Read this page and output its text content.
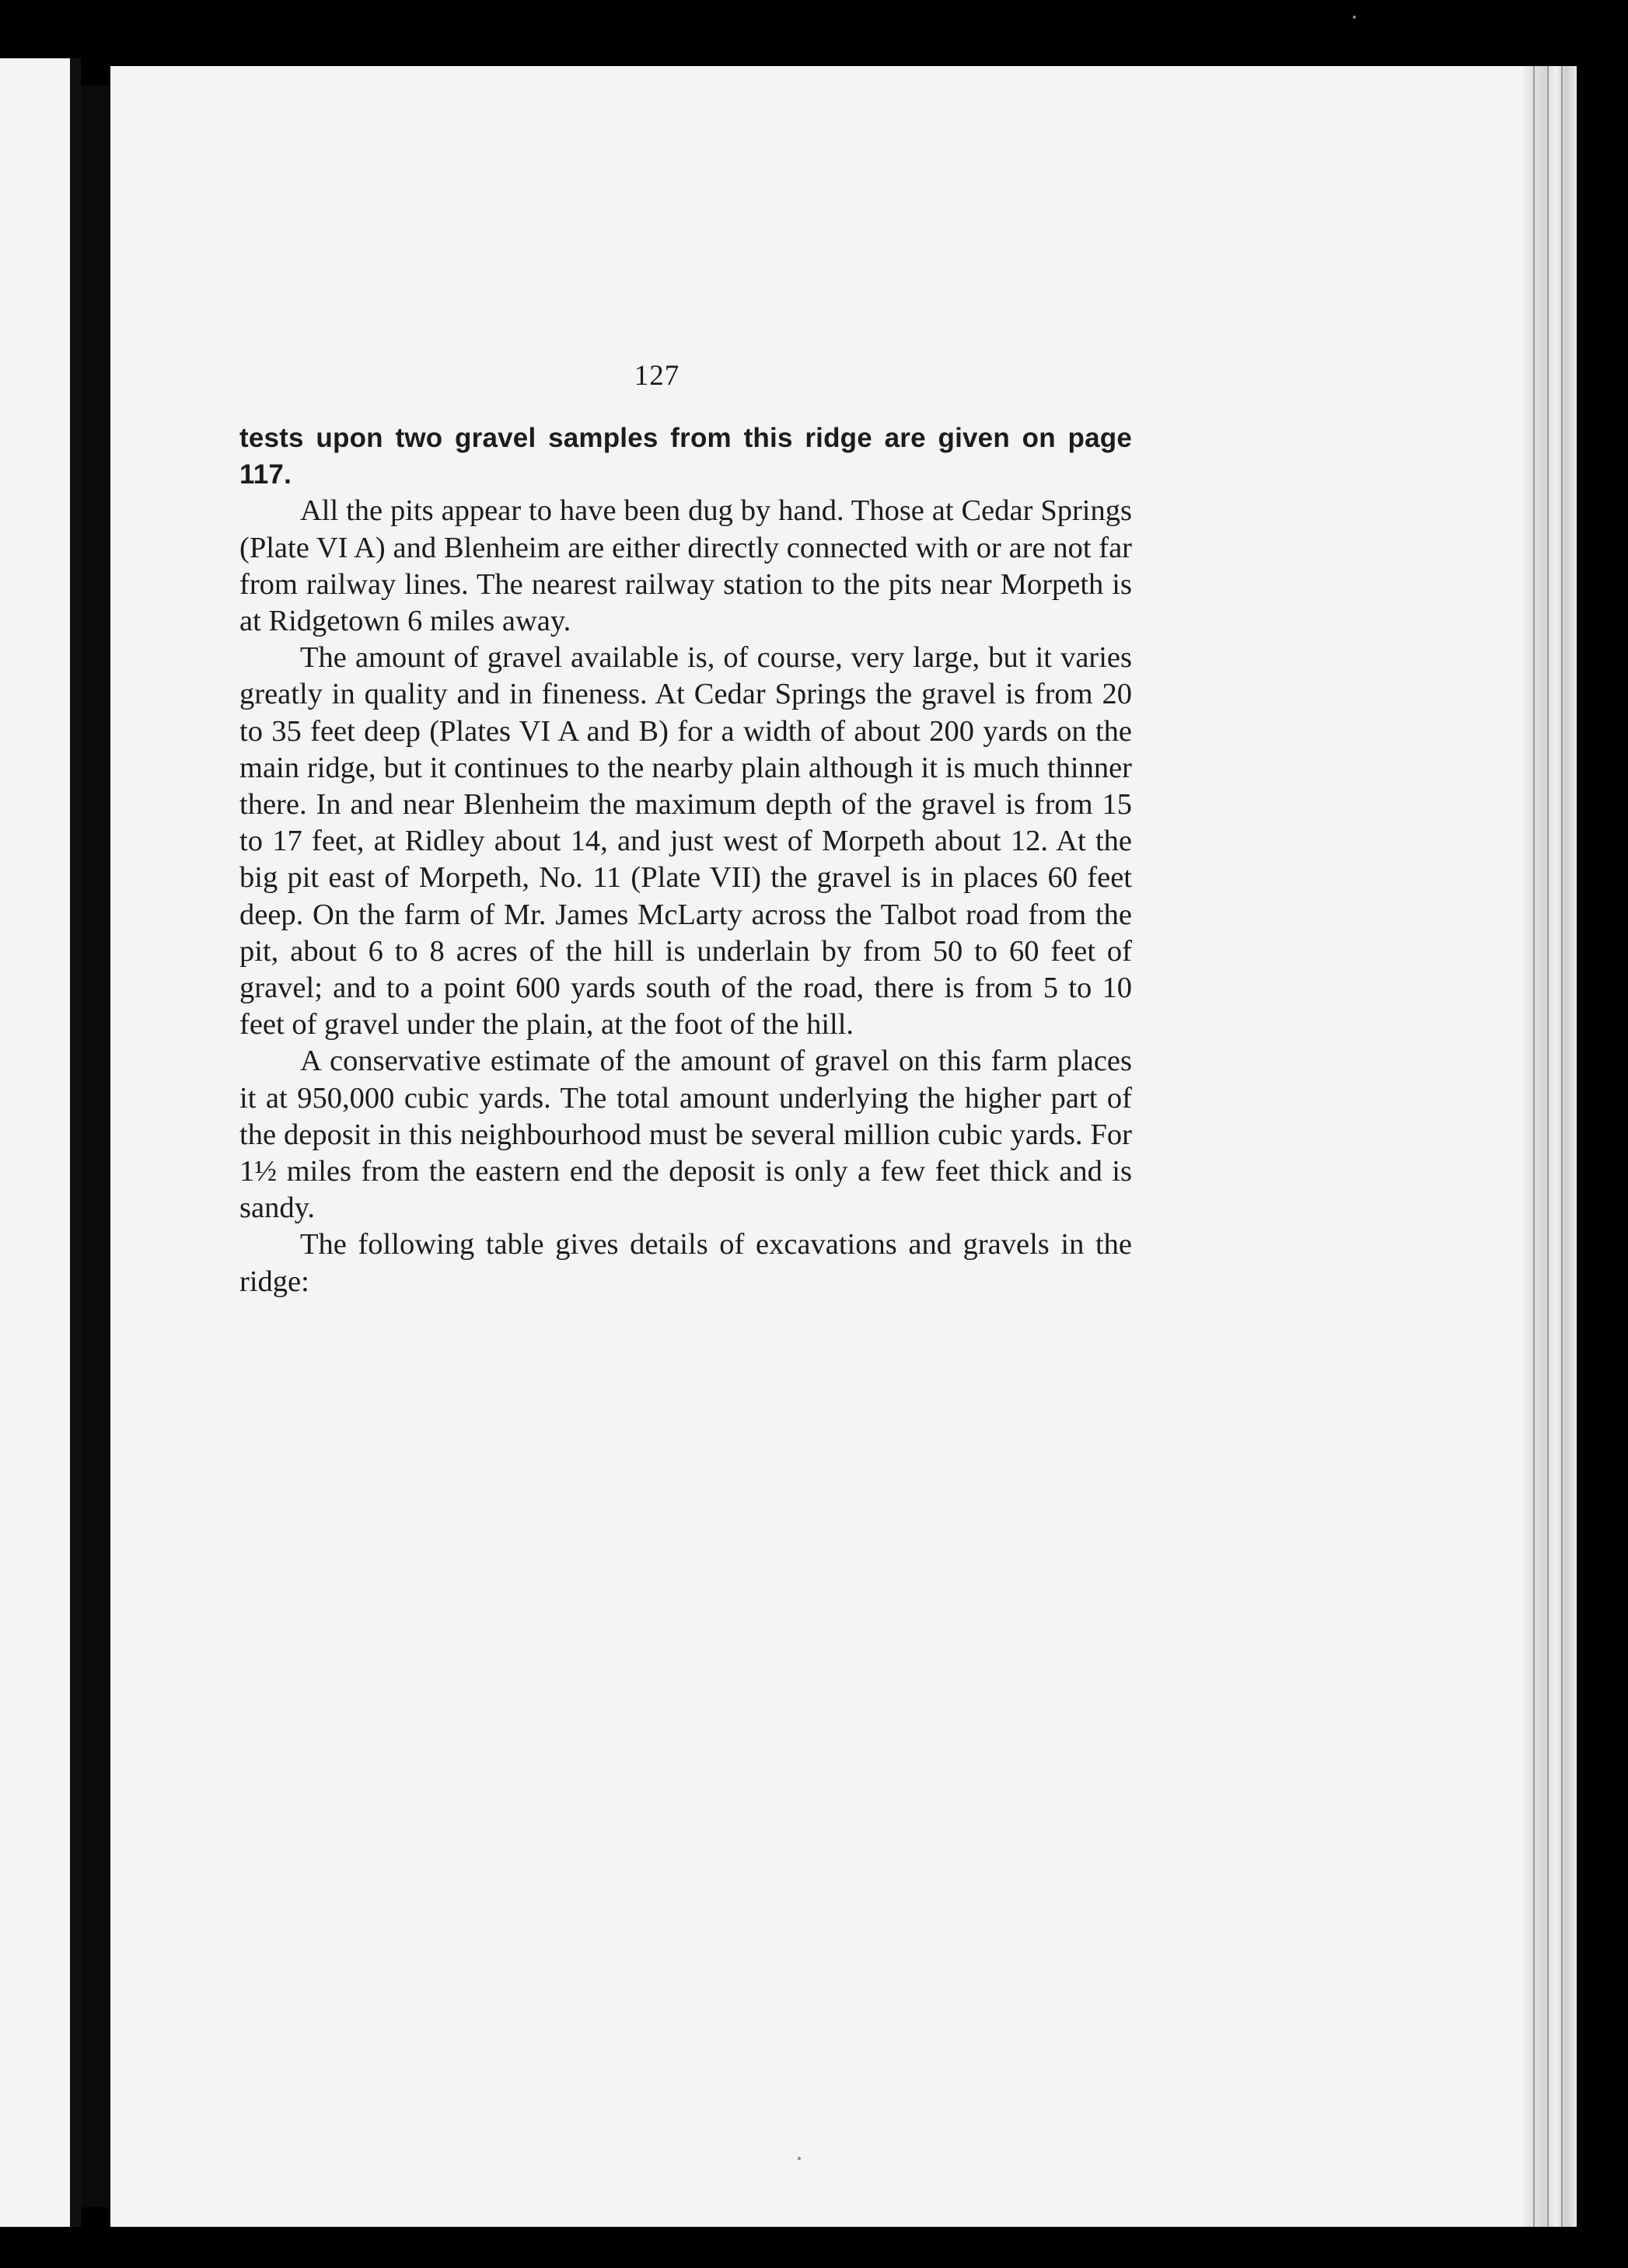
127

tests upon two gravel samples from this ridge are given on page 117.

All the pits appear to have been dug by hand. Those at Cedar Springs (Plate VI A) and Blenheim are either directly connected with or are not far from railway lines. The nearest railway station to the pits near Morpeth is at Ridgetown 6 miles away.

The amount of gravel available is, of course, very large, but it varies greatly in quality and in fineness. At Cedar Springs the gravel is from 20 to 35 feet deep (Plates VI A and B) for a width of about 200 yards on the main ridge, but it continues to the nearby plain although it is much thinner there. In and near Blenheim the maximum depth of the gravel is from 15 to 17 feet, at Ridley about 14, and just west of Morpeth about 12. At the big pit east of Morpeth, No. 11 (Plate VII) the gravel is in places 60 feet deep. On the farm of Mr. James McLarty across the Talbot road from the pit, about 6 to 8 acres of the hill is underlain by from 50 to 60 feet of gravel; and to a point 600 yards south of the road, there is from 5 to 10 feet of gravel under the plain, at the foot of the hill.

A conservative estimate of the amount of gravel on this farm places it at 950,000 cubic yards. The total amount underlying the higher part of the deposit in this neighbourhood must be several million cubic yards. For 1½ miles from the eastern end the deposit is only a few feet thick and is sandy.

The following table gives details of excavations and gravels in the ridge:
